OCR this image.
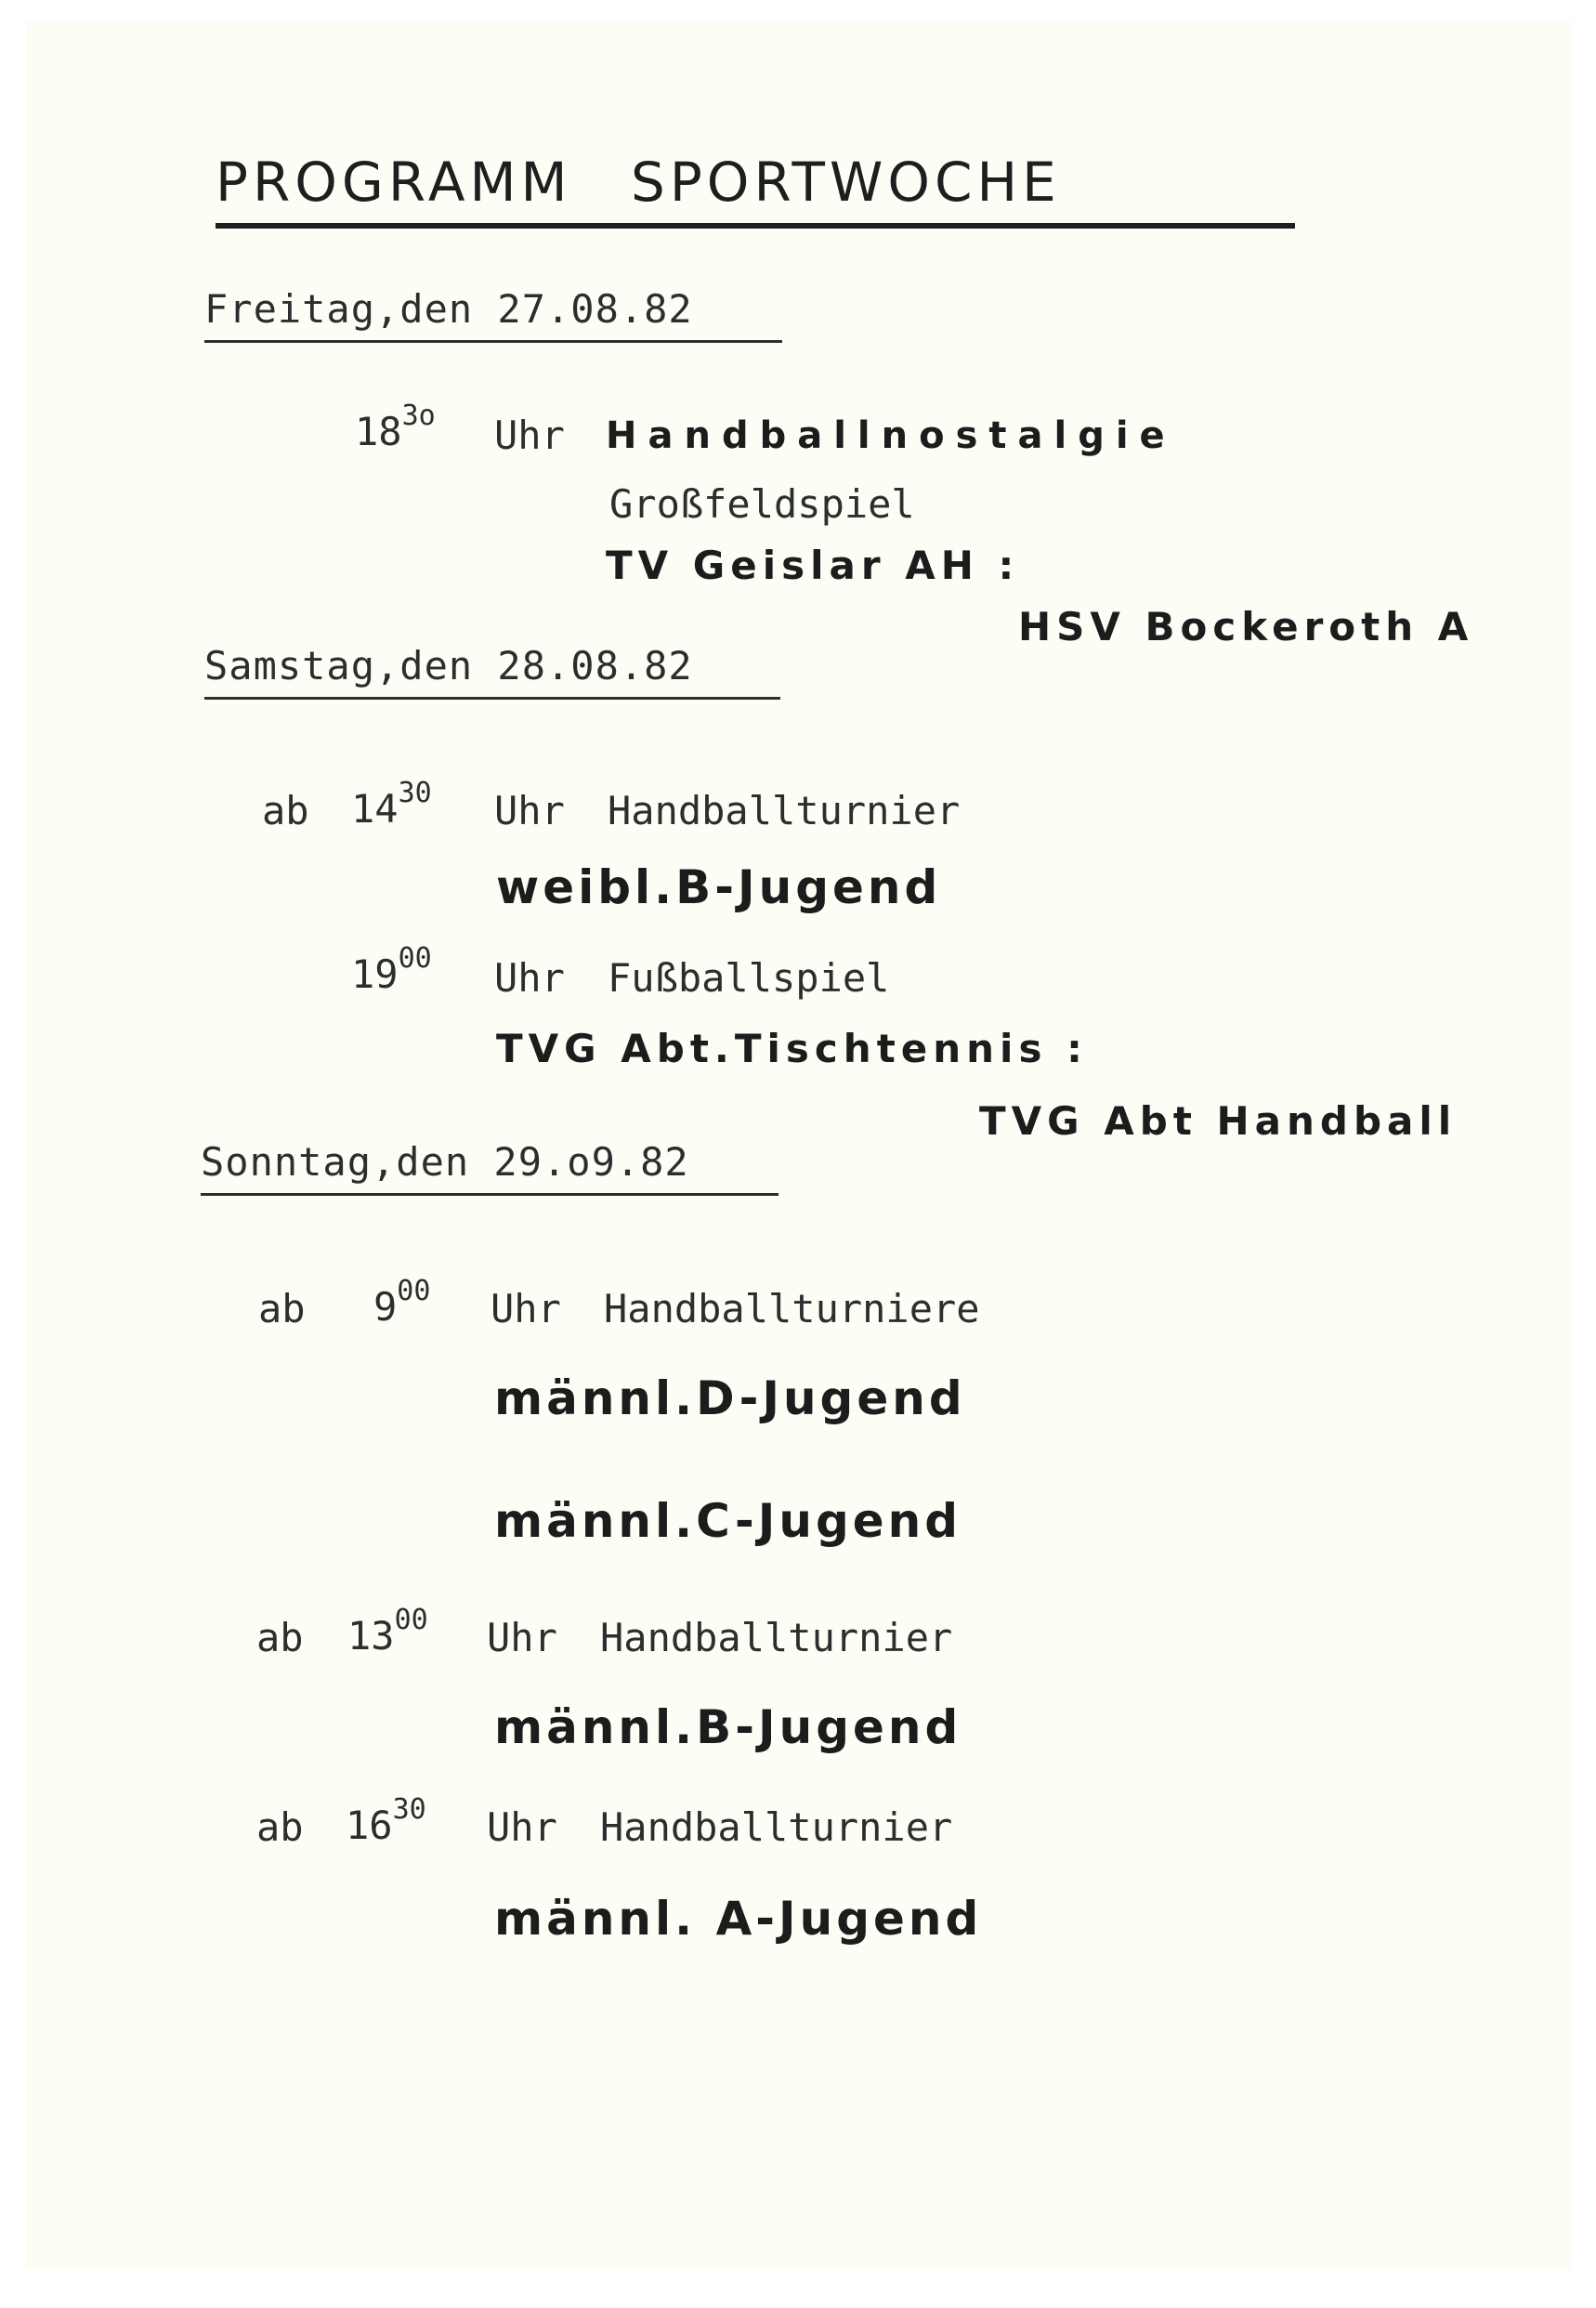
PROGRAMM SPORTWOCHE
Freitag,den 27.08.82
$18^{3o}$ Uhr Handballnostalgie
Großfeldspiel
TV Geislar AH :
HSV Bockeroth A
Samstag,den 28.08.82
ab $14^{30}$ Uhr Handballturnier
weibl.B-Jugend
$19^{00}$ Uhr Fußballspiel
TVG Abt.Tischtennis :
TVG Abt Handball
Sonntag,den 29.o9.82
ab $9^{00}$ Uhr Handballturniere
männl.D-Jugend
männl.C-Jugend
ab $13^{00}$ Uhr Handballturnier
männl.B-Jugend
ab $16^{30}$ Uhr Handballturnier
männl. A-Jugend
